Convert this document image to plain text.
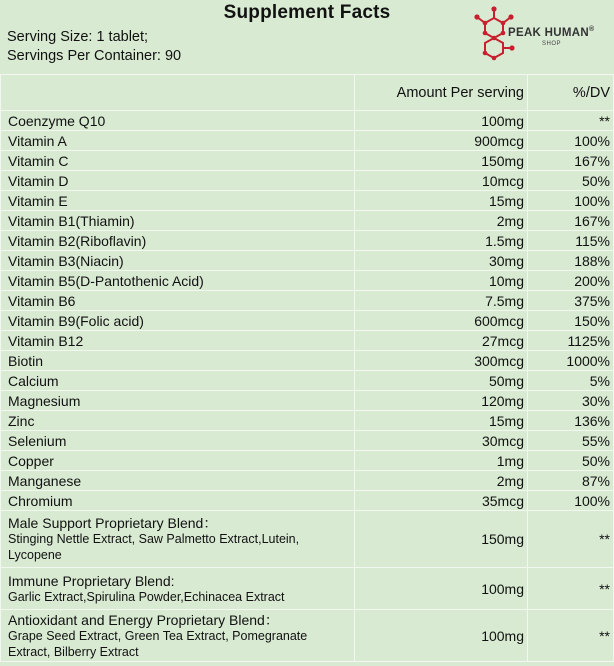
Supplement Facts
Serving Size: 1 tablet;
Servings Per Container: 90
PEAK HUMAN®
SHOP
	Amount Per serving	%/DV
Coenzyme Q10	100mg	**
Vitamin A	900mcg	100%
Vitamin C	150mg	167%
Vitamin D	10mcg	50%
Vitamin E	15mg	100%
Vitamin B1(Thiamin)	2mg	167%
Vitamin B2(Riboflavin)	1.5mg	115%
Vitamin B3(Niacin)	30mg	188%
Vitamin B5(D-Pantothenic Acid)	10mg	200%
Vitamin B6	7.5mg	375%
Vitamin B9(Folic acid)	600mcg	150%
Vitamin B12	27mcg	1125%
Biotin	300mcg	1000%
Calcium	50mg	5%
Magnesium	120mg	30%
Zinc	15mg	136%
Selenium	30mcg	55%
Copper	1mg	50%
Manganese	2mg	87%
Chromium	35mcg	100%

Male Support Proprietary Blend：
Stinging Nettle Extract, Saw Palmetto Extract,Lutein, Lycopene	150mg	**

Immune Proprietary Blend:
Garlic Extract,Spirulina Powder,Echinacea Extract	100mg	**

Antioxidant and Energy Proprietary Blend：
Grape Seed Extract, Green Tea Extract, Pomegranate Extract, Bilberry Extract	100mg	**
